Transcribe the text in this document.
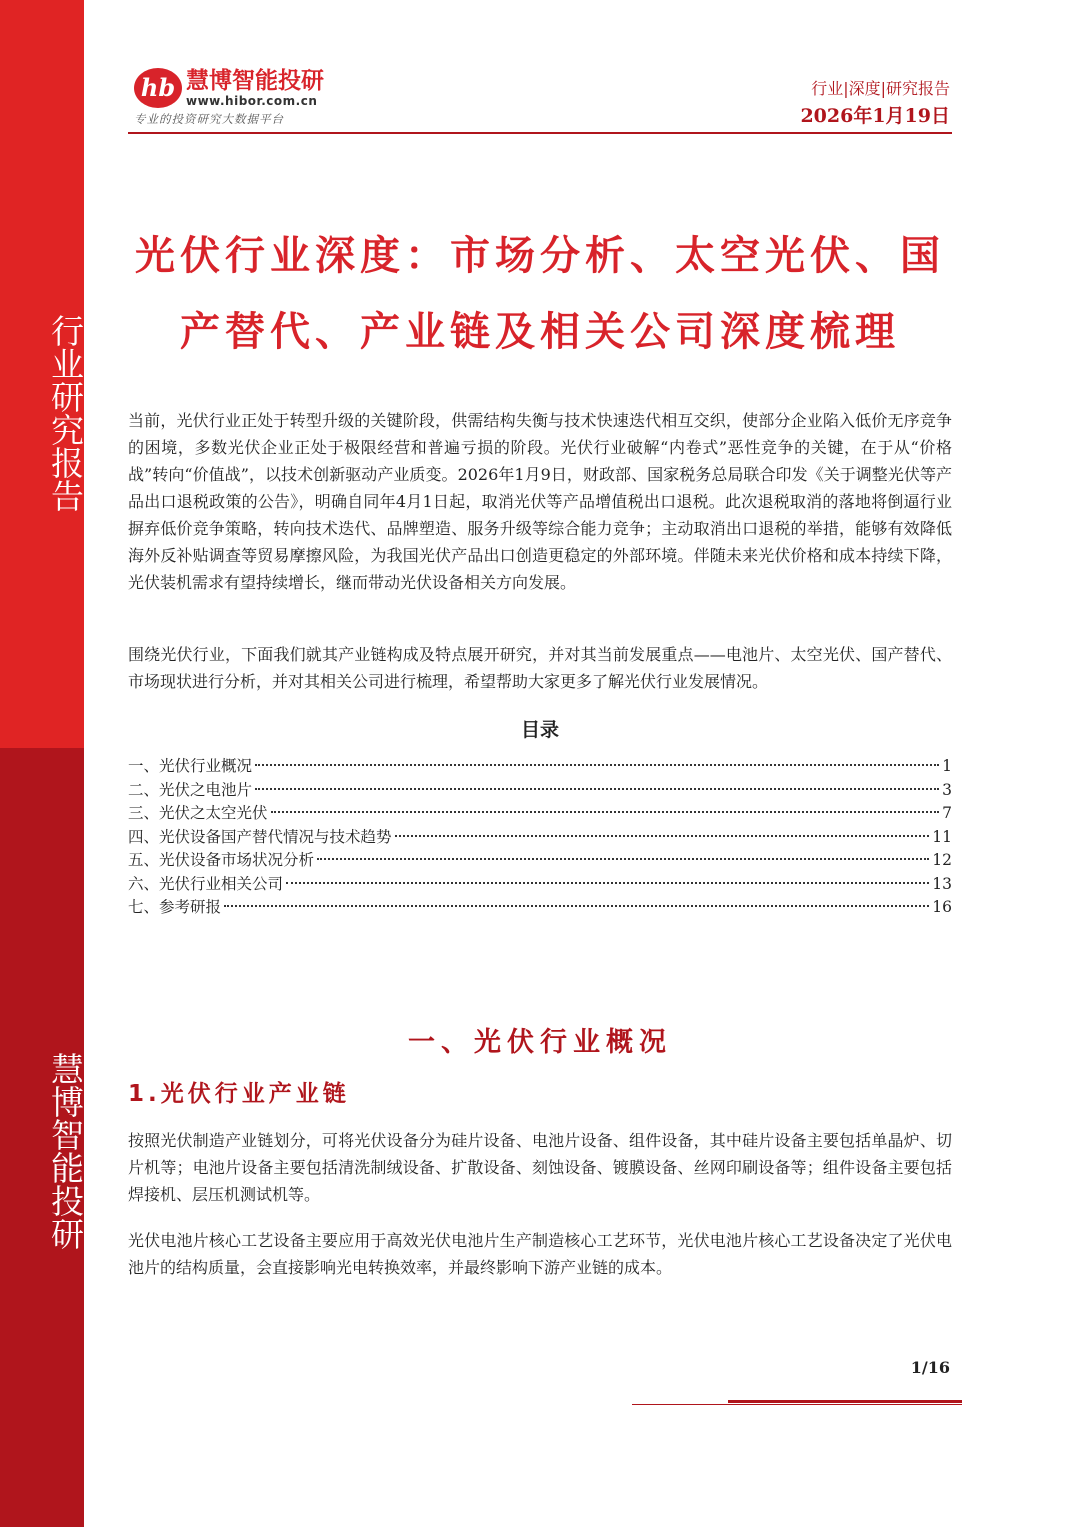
行业研究报告
慧博智能投研
hb 慧博智能投研
www.hibor.com.cn
专业的投资研究大数据平台
行业|深度|研究报告
2026年1月19日
光伏行业深度：市场分析、太空光伏、国产替代、产业链及相关公司深度梳理

当前，光伏行业正处于转型升级的关键阶段，供需结构失衡与技术快速迭代相互交织，使部分企业陷入低价无序竞争的困境，多数光伏企业正处于极限经营和普遍亏损的阶段。光伏行业破解“内卷式”恶性竞争的关键，在于从“价格战”转向“价值战”，以技术创新驱动产业质变。2026年1月9日，财政部、国家税务总局联合印发《关于调整光伏等产品出口退税政策的公告》，明确自同年4月1日起，取消光伏等产品增值税出口退税。此次退税取消的落地将倒逼行业摒弃低价竞争策略，转向技术迭代、品牌塑造、服务升级等综合能力竞争；主动取消出口退税的举措，能够有效降低海外反补贴调查等贸易摩擦风险，为我国光伏产品出口创造更稳定的外部环境。伴随未来光伏价格和成本持续下降，光伏装机需求有望持续增长，继而带动光伏设备相关方向发展。

围绕光伏行业，下面我们就其产业链构成及特点展开研究，并对其当前发展重点——电池片、太空光伏、国产替代、市场现状进行分析，并对其相关公司进行梳理，希望帮助大家更多了解光伏行业发展情况。

目录
一、光伏行业概况	1
二、光伏之电池片	3
三、光伏之太空光伏	7
四、光伏设备国产替代情况与技术趋势	11
五、光伏设备市场状况分析	12
六、光伏行业相关公司	13
七、参考研报	16
一、光伏行业概况
1.光伏行业产业链

按照光伏制造产业链划分，可将光伏设备分为硅片设备、电池片设备、组件设备，其中硅片设备主要包括单晶炉、切片机等；电池片设备主要包括清洗制绒设备、扩散设备、刻蚀设备、镀膜设备、丝网印刷设备等；组件设备主要包括焊接机、层压机测试机等。

光伏电池片核心工艺设备主要应用于高效光伏电池片生产制造核心工艺环节，光伏电池片核心工艺设备决定了光伏电池片的结构质量，会直接影响光电转换效率，并最终影响下游产业链的成本。

1/16
